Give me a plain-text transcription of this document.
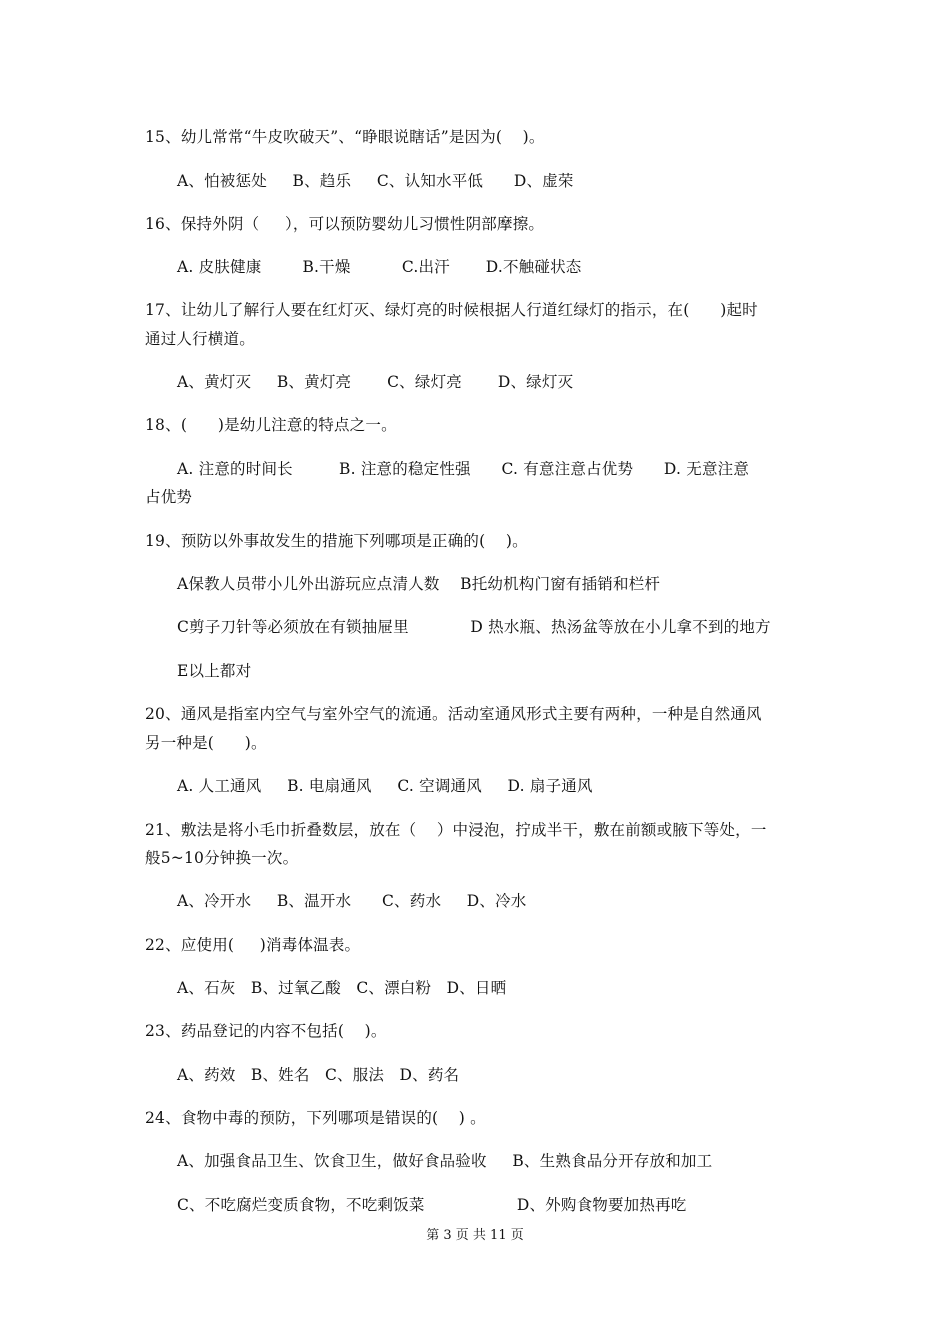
15、幼儿常常“牛皮吹破天”、“睁眼说瞎话”是因为(    )。
A、怕被惩处     B、趋乐     C、认知水平低      D、虚荣
16、保持外阴（     ），可以预防婴幼儿习惯性阴部摩擦。
A. 皮肤健康        B.干燥          C.出汗       D.不触碰状态
17、让幼儿了解行人要在红灯灭、绿灯亮的时候根据人行道红绿灯的指示，在(      )起时
通过人行横道。
A、黄灯灭     B、黄灯亮       C、绿灯亮       D、绿灯灭
18、(      )是幼儿注意的特点之一。
A. 注意的时间长         B. 注意的稳定性强      C. 有意注意占优势      D. 无意注意
占优势
19、预防以外事故发生的措施下列哪项是正确的(    )。
A保教人员带小儿外出游玩应点清人数    B托幼机构门窗有插销和栏杆
C剪子刀针等必须放在有锁抽屉里            D 热水瓶、热汤盆等放在小儿拿不到的地方
E以上都对
20、通风是指室内空气与室外空气的流通。活动室通风形式主要有两种，一种是自然通风
另一种是(      )。
A. 人工通风     B. 电扇通风     C. 空调通风     D. 扇子通风
21、敷法是将小毛巾折叠数层，放在（    ）中浸泡，拧成半干，敷在前额或腋下等处，一
般5~10分钟换一次。
A、冷开水     B、温开水      C、药水     D、冷水
22、应使用(     )消毒体温表。
A、石灰   B、过氧乙酸   C、漂白粉   D、日晒
23、药品登记的内容不包括(    )。
A、药效   B、姓名   C、服法   D、药名
24、食物中毒的预防，下列哪项是错误的(    ) 。
A、加强食品卫生、饮食卫生，做好食品验收     B、生熟食品分开存放和加工
C、不吃腐烂变质食物，不吃剩饭菜                  D、外购食物要加热再吃
第 3 页 共 11 页
